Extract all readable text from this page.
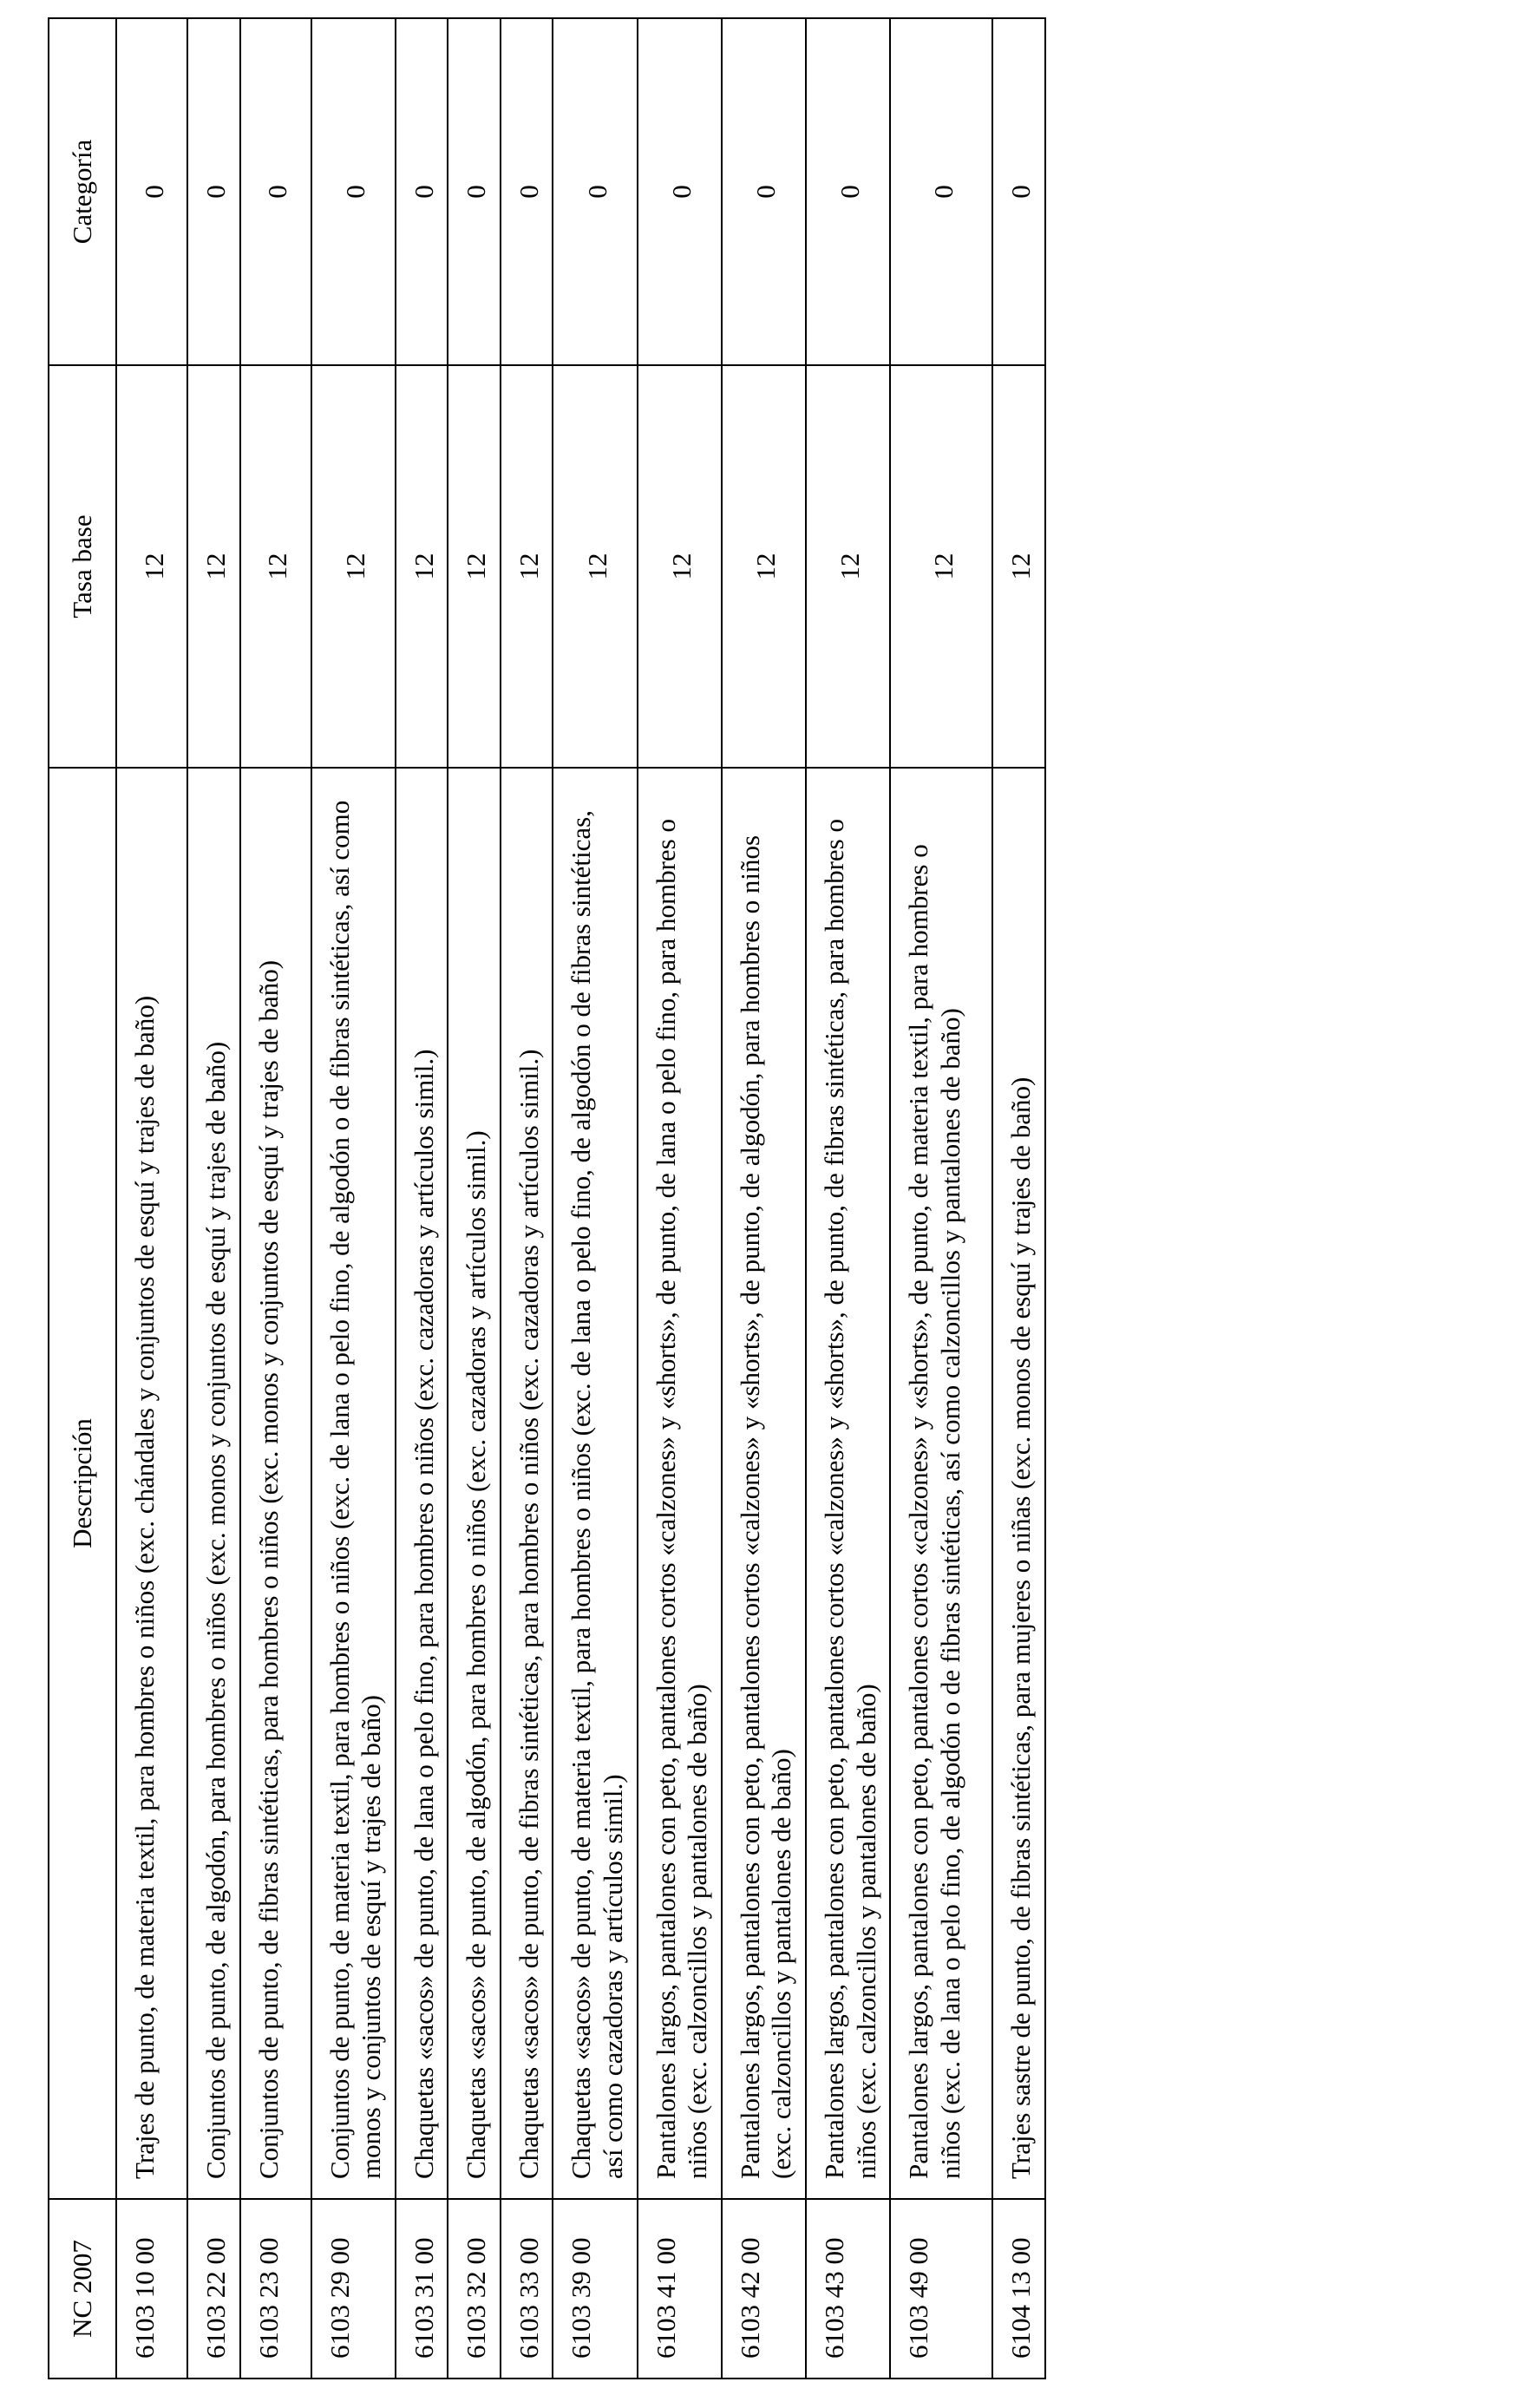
NC 2007	Descripción	Tasa base	Categoría
6103 10 00	Trajes de punto, de materia textil, para hombres o niños (exc. chándales y conjuntos de esquí y trajes de baño)	12	0
6103 22 00	Conjuntos de punto, de algodón, para hombres o niños (exc. monos y conjuntos de esquí y trajes de baño)	12	0
6103 23 00	Conjuntos de punto, de fibras sintéticas, para hombres o niños (exc. monos y conjuntos de esquí y trajes de baño)	12	0
6103 29 00	Conjuntos de punto, de materia textil, para hombres o niños (exc. de lana o pelo fino, de algodón o de fibras sintéticas, así como monos y conjuntos de esquí y trajes de baño)	12	0
6103 31 00	Chaquetas «sacos» de punto, de lana o pelo fino, para hombres o niños (exc. cazadoras y artículos simil.)	12	0
6103 32 00	Chaquetas «sacos» de punto, de algodón, para hombres o niños (exc. cazadoras y artículos simil.)	12	0
6103 33 00	Chaquetas «sacos» de punto, de fibras sintéticas, para hombres o niños (exc. cazadoras y artículos simil.)	12	0
6103 39 00	Chaquetas «sacos» de punto, de materia textil, para hombres o niños (exc. de lana o pelo fino, de algodón o de fibras sintéticas, así como cazadoras y artículos simil.)	12	0
6103 41 00	Pantalones largos, pantalones con peto, pantalones cortos «calzones» y «shorts», de punto, de lana o pelo fino, para hombres o niños (exc. calzoncillos y pantalones de baño)	12	0
6103 42 00	Pantalones largos, pantalones con peto, pantalones cortos «calzones» y «shorts», de punto, de algodón, para hombres o niños (exc. calzoncillos y pantalones de baño)	12	0
6103 43 00	Pantalones largos, pantalones con peto, pantalones cortos «calzones» y «shorts», de punto, de fibras sintéticas, para hombres o niños (exc. calzoncillos y pantalones de baño)	12	0
6103 49 00	Pantalones largos, pantalones con peto, pantalones cortos «calzones» y «shorts», de punto, de materia textil, para hombres o niños (exc. de lana o pelo fino, de algodón o de fibras sintéticas, así como calzoncillos y pantalones de baño)	12	0
6104 13 00	Trajes sastre de punto, de fibras sintéticas, para mujeres o niñas (exc. monos de esquí y trajes de baño)	12	0
